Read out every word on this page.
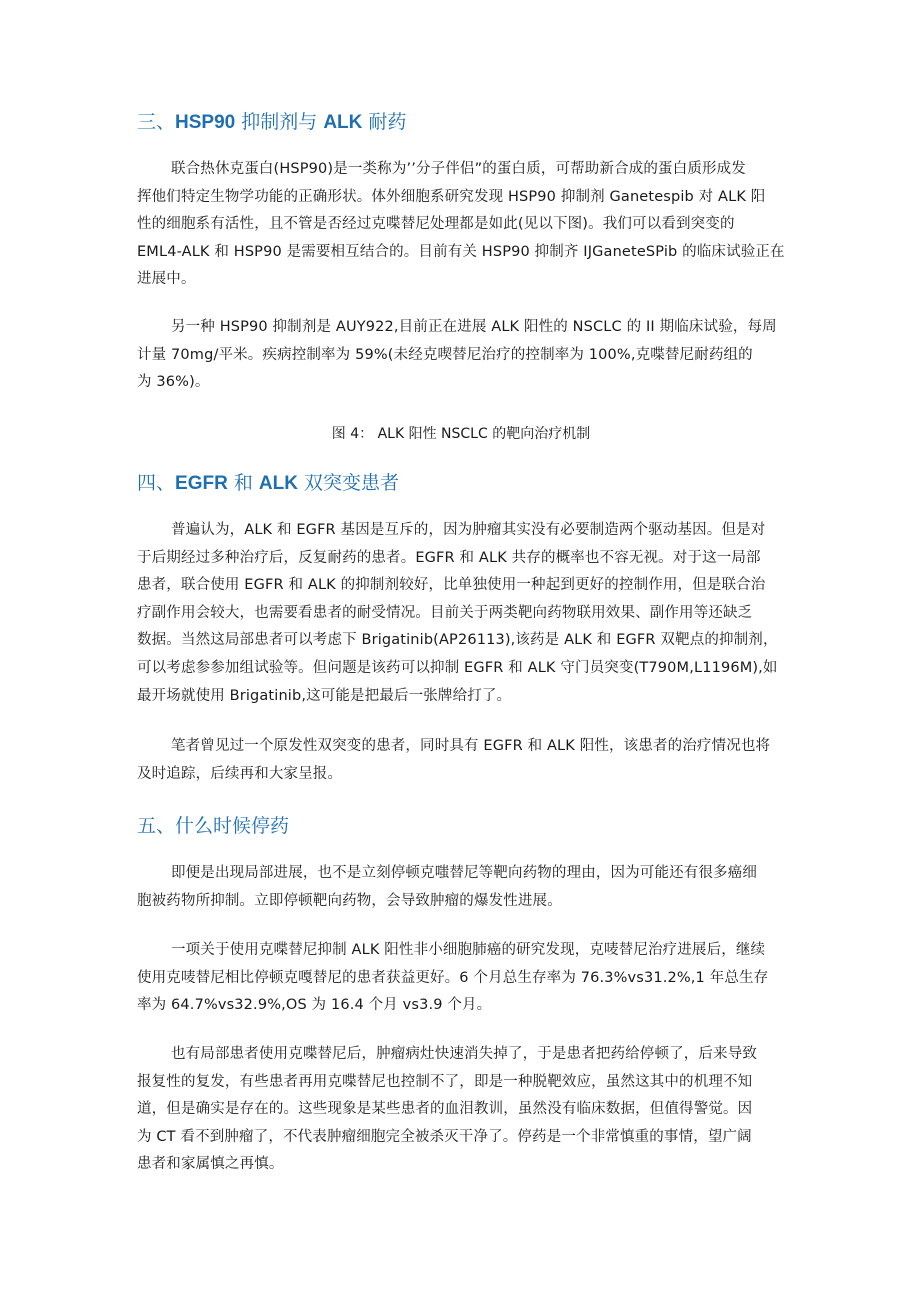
三、HSP90 抑制剂与 ALK 耐药

联合热休克蛋白(HSP90)是一类称为’’分子伴侣”的蛋白质，可帮助新合成的蛋白质形成发
挥他们特定生物学功能的正确形状。体外细胞系研究发现 HSP90 抑制剂 Ganetespib 对 ALK 阳
性的细胞系有活性，且不管是否经过克喋替尼处理都是如此(见以下图)。我们可以看到突变的
EML4-ALK 和 HSP90 是需要相互结合的。目前有关 HSP90 抑制齐 IJGaneteSPib 的临床试验正在
进展中。

另一种 HSP90 抑制剂是 AUY922,目前正在进展 ALK 阳性的 NSCLC 的 II 期临床试验，每周
计量 70mg/平米。疾病控制率为 59%(未经克喫替尼治疗的控制率为 100%,克喋替尼耐药组的
为 36%)。

图 4： ALK 阳性 NSCLC 的靶向治疗机制

四、EGFR 和 ALK 双突变患者

普遍认为，ALK 和 EGFR 基因是互斥的，因为肿瘤其实没有必要制造两个驱动基因。但是对
于后期经过多种治疗后，反复耐药的患者。EGFR 和 ALK 共存的概率也不容无视。对于这一局部
患者，联合使用 EGFR 和 ALK 的抑制剂较好，比单独使用一种起到更好的控制作用，但是联合治
疗副作用会较大，也需要看患者的耐受情况。目前关于两类靶向药物联用效果、副作用等还缺乏
数据。当然这局部患者可以考虑下 Brigatinib(AP26113),该药是 ALK 和 EGFR 双靶点的抑制剂，
可以考虑参参加组试验等。但问题是该药可以抑制 EGFR 和 ALK 守门员突变(T790M,L1196M),如
最开场就使用 Brigatinib,这可能是把最后一张牌给打了。

笔者曾见过一个原发性双突变的患者，同时具有 EGFR 和 ALK 阳性，该患者的治疗情况也将
及时追踪，后续再和大家呈报。

五、什么时候停药

即便是出现局部进展，也不是立刻停顿克嗤替尼等靶向药物的理由，因为可能还有很多癌细
胞被药物所抑制。立即停顿靶向药物，会导致肿瘤的爆发性进展。

一项关于使用克喋替尼抑制 ALK 阳性非小细胞肺癌的研究发现，克唛替尼治疗进展后，继续
使用克唛替尼相比停顿克嘎替尼的患者获益更好。6 个月总生存率为 76.3%vs31.2%,1 年总生存
率为 64.7%vs32.9%,OS 为 16.4 个月 vs3.9 个月。

也有局部患者使用克喋替尼后，肿瘤病灶快速消失掉了，于是患者把药给停顿了，后来导致
报复性的复发，有些患者再用克喋替尼也控制不了，即是一种脱靶效应，虽然这其中的机理不知
道，但是确实是存在的。这些现象是某些患者的血泪教训，虽然没有临床数据，但值得警觉。因
为 CT 看不到肿瘤了，不代表肿瘤细胞完全被杀灭干净了。停药是一个非常慎重的事情，望广阔
患者和家属慎之再慎。
